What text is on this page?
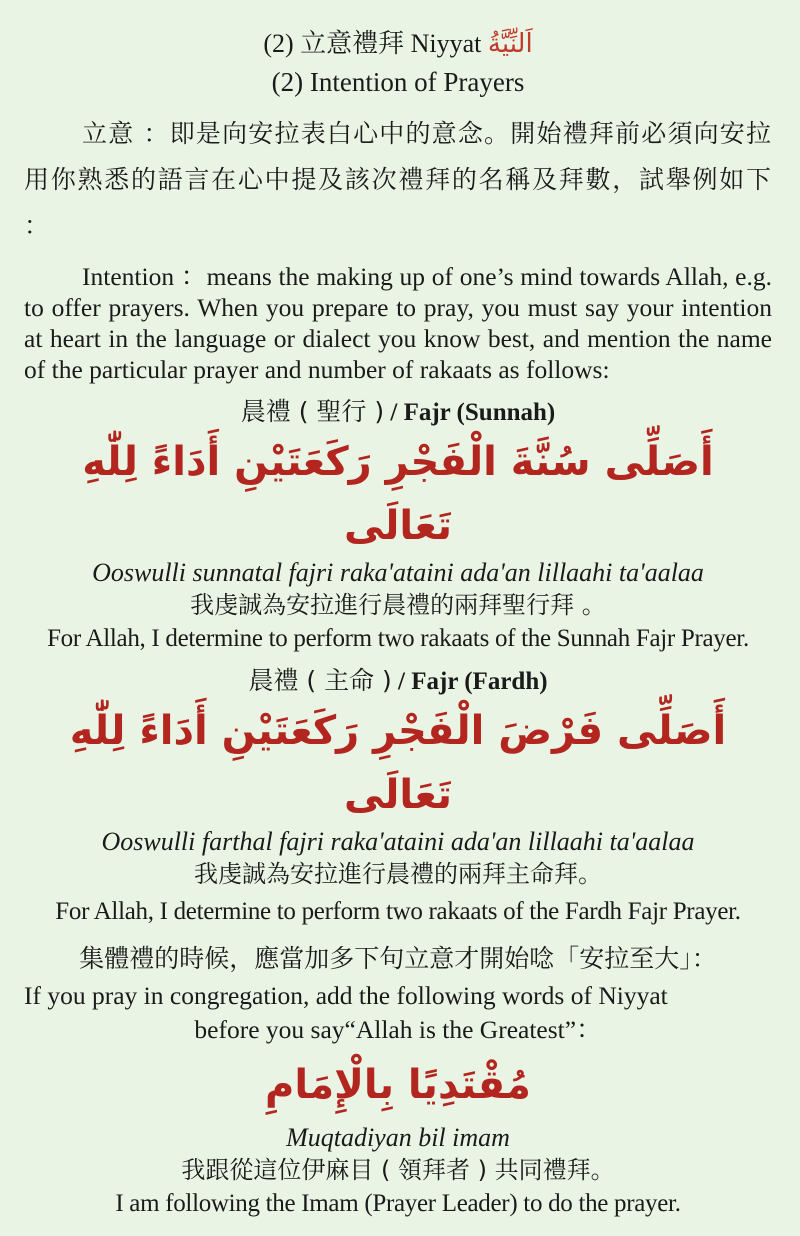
(2) 立意禮拜 Niyyat اَلنِّيَّةُ
(2) Intention of Prayers
立意 ：即是向安拉表白心中的意念。開始禮拜前必須向安拉用你熟悉的語言在心中提及該次禮拜的名稱及拜數，試舉例如下 ：
Intention ：means the making up of one’s mind towards Allah, e.g. to offer prayers. When you prepare to pray, you must say your intention at heart in the language or dialect you know best, and mention the name of the particular prayer and number of rakaats as follows:
晨禮 ( 聖行 ) / Fajr (Sunnah)
أَصَلِّى سُنَّةَ الْفَجْرِ رَكَعَتَيْنِ أَدَاءً لِلّٰهِ تَعَالَى
Ooswulli sunnatal fajri raka'ataini ada'an lillaahi ta'aalaa
我虔誠為安拉進行晨禮的兩拜聖行拜 。
For Allah, I determine to perform two rakaats of the Sunnah Fajr Prayer.
晨禮 ( 主命 ) / Fajr (Fardh)
أَصَلِّى فَرْضَ الْفَجْرِ رَكَعَتَيْنِ أَدَاءً لِلّٰهِ تَعَالَى
Ooswulli farthal fajri raka'ataini ada'an lillaahi ta'aalaa
我虔誠為安拉進行晨禮的兩拜主命拜。
For Allah, I determine to perform two rakaats of the Fardh Fajr Prayer.
集體禮的時候，應當加多下句立意才開始唸「安拉至大」：
If you pray in congregation, add the following words of Niyyat
before you say“Allah is the Greatest”：
مُقْتَدِيًا بِالْإِمَامِ
Muqtadiyan bil imam
我跟從這位伊麻目 ( 領拜者 ) 共同禮拜。
I am following the Imam (Prayer Leader) to do the prayer.
